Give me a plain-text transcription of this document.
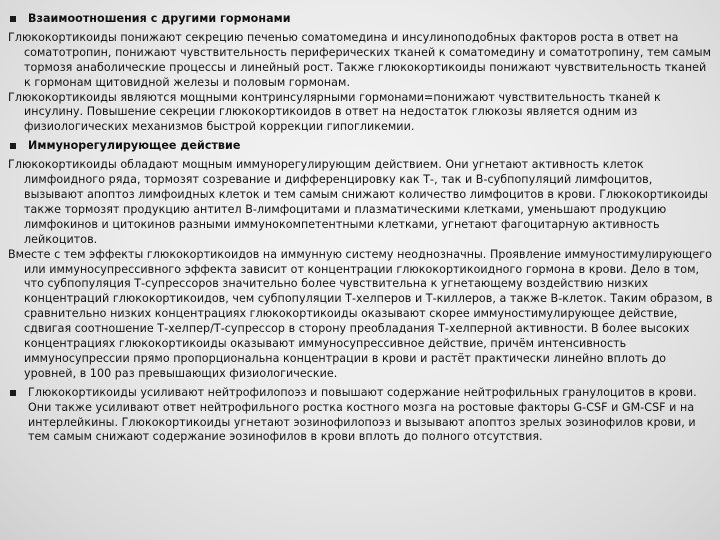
Взаимоотношения с другими гормонами

Глюкокортикоиды понижают секрецию печенью соматомедина и инсулиноподобных факторов роста в ответ на соматотропин, понижают чувствительность периферических тканей к соматомедину и соматотропину, тем самым тормозя анаболические процессы и линейный рост. Также глюкокортикоиды понижают чувствительность тканей к гормонам щитовидной железы и половым гормонам.

Глюкокортикоиды являются мощными контринсулярными гормонами=понижают чувствительность тканей к инсулину. Повышение секреции глюкокортикоидов в ответ на недостаток глюкозы является одним из физиологических механизмов быстрой коррекции гипогликемии.

Иммунорегулирующее действие

Глюкокортикоиды обладают мощным иммунорегулирующим действием. Они угнетают активность клеток лимфоидного ряда, тормозят созревание и дифференцировку как Т-, так и В-субпопуляций лимфоцитов, вызывают апоптоз лимфоидных клеток и тем самым снижают количество лимфоцитов в крови. Глюкокортикоиды также тормозят продукцию антител В-лимфоцитами и плазматическими клетками, уменьшают продукцию лимфокинов и цитокинов разными иммунокомпетентными клетками, угнетают фагоцитарную активность лейкоцитов.

Вместе с тем эффекты глюкокортикоидов на иммунную систему неоднозначны. Проявление иммуностимулирующего или иммуносупрессивного эффекта зависит от концентрации глюкокортикоидного гормона в крови. Дело в том, что субпопуляция Т-супрессоров значительно более чувствительна к угнетающему воздействию низких концентраций глюкокортикоидов, чем субпопуляции Т-хелперов и Т-киллеров, а также В-клеток. Таким образом, в сравнительно низких концентрациях глюкокортикоиды оказывают скорее иммуностимулирующее действие, сдвигая соотношение Т-хелпер/Т-супрессор в сторону преобладания Т-хелперной активности. В более высоких концентрациях глюкокортикоиды оказывают иммуносупрессивное действие, причём интенсивность иммуносупрессии прямо пропорциональна концентрации в крови и растёт практически линейно вплоть до уровней, в 100 раз превышающих физиологические.

Глюкокортикоиды усиливают нейтрофилопоэз и повышают содержание нейтрофильных гранулоцитов в крови. Они также усиливают ответ нейтрофильного ростка костного мозга на ростовые факторы G-CSF и GM-CSF и на интерлейкины. Глюкокортикоиды угнетают эозинофилопоэз и вызывают апоптоз зрелых эозинофилов крови, и тем самым снижают содержание эозинофилов в крови вплоть до полного отсутствия.
